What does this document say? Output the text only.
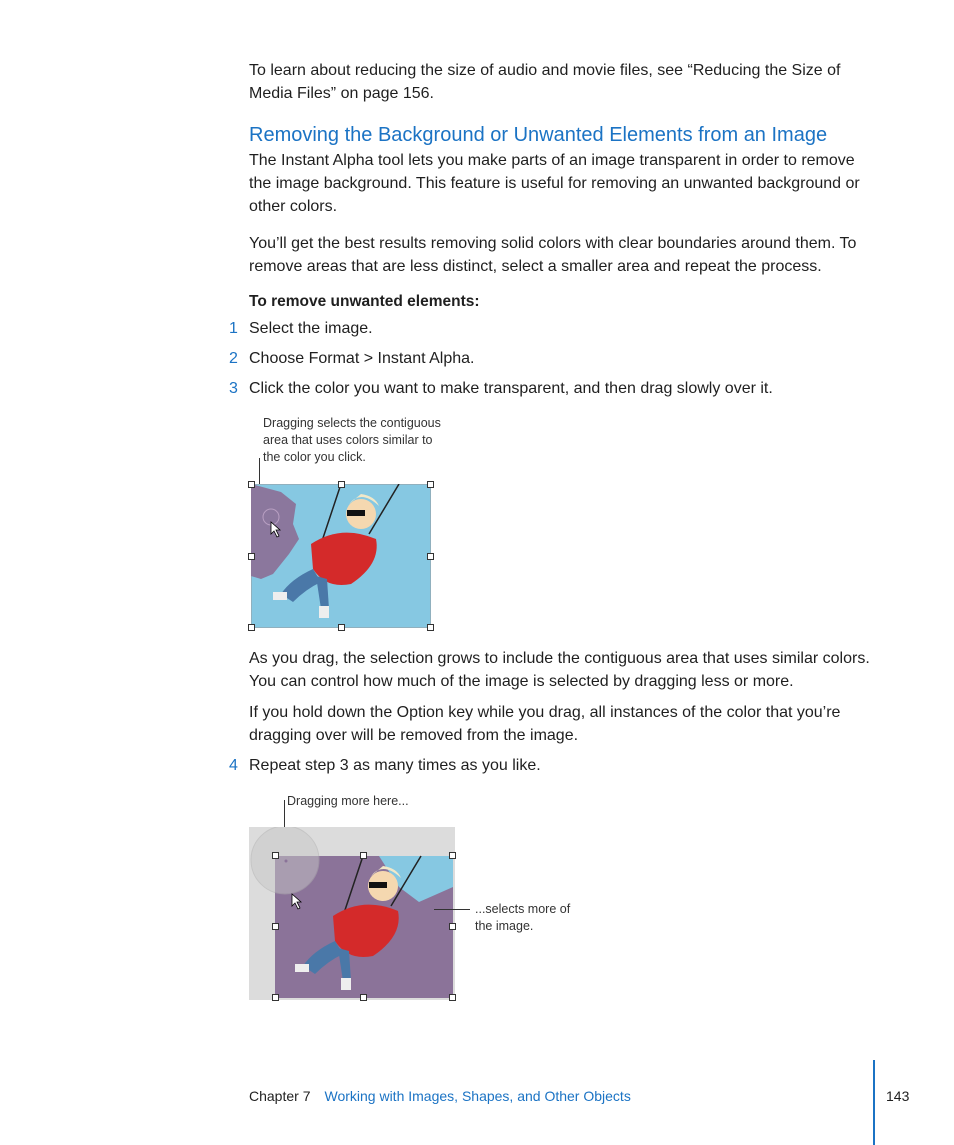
To learn about reducing the size of audio and movie files, see “Reducing the Size of Media Files” on page 156.
Removing the Background or Unwanted Elements from an Image
The Instant Alpha tool lets you make parts of an image transparent in order to remove the image background. This feature is useful for removing an unwanted background or other colors.
You’ll get the best results removing solid colors with clear boundaries around them. To remove areas that are less distinct, select a smaller area and repeat the process.
To remove unwanted elements:
1 Select the image.
2 Choose Format > Instant Alpha.
3 Click the color you want to make transparent, and then drag slowly over it.
Dragging selects the contiguous area that uses colors similar to the color you click.
As you drag, the selection grows to include the contiguous area that uses similar colors. You can control how much of the image is selected by dragging less or more.
If you hold down the Option key while you drag, all instances of the color that you’re dragging over will be removed from the image.
4 Repeat step 3 as many times as you like.
Dragging more here...
...selects more of the image.
Chapter 7 Working with Images, Shapes, and Other Objects	143
